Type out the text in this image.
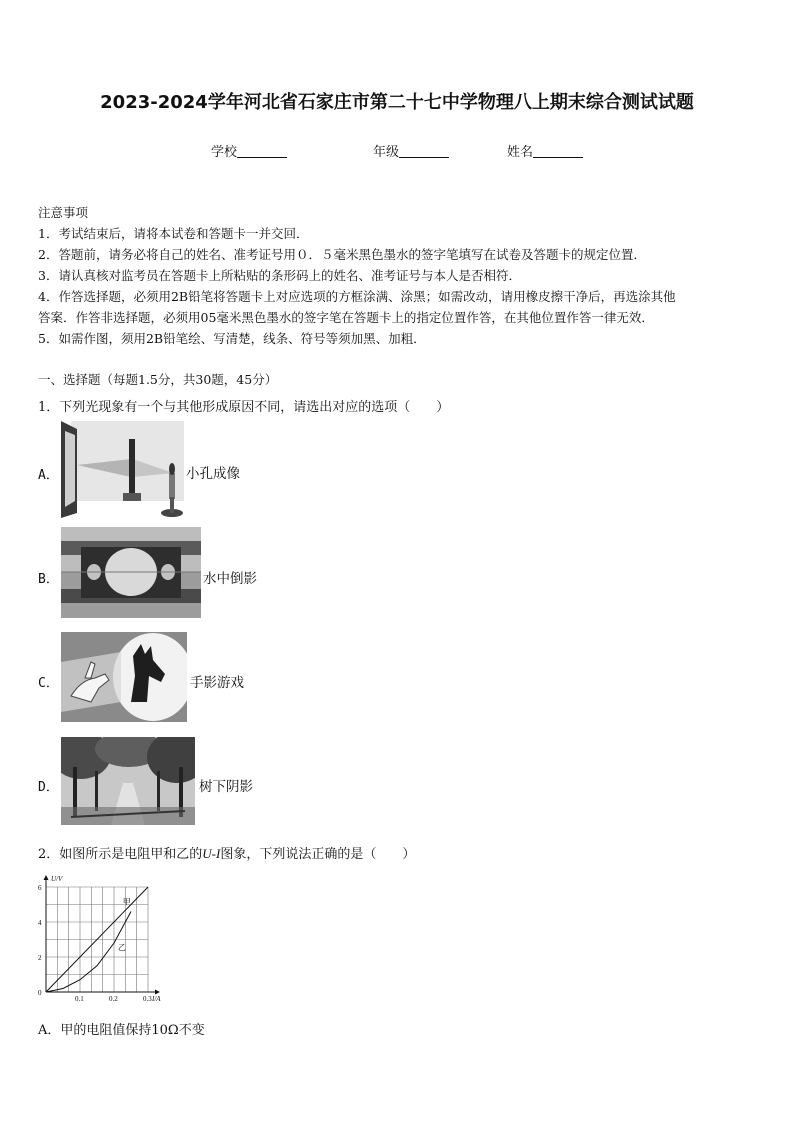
2023-2024学年河北省石家庄市第二十七中学物理八上期末综合测试试题
学校	年级	姓名
注意事项
1．考试结束后，请将本试卷和答题卡一并交回．
2．答题前，请务必将自己的姓名、准考证号用０．５毫米黑色墨水的签字笔填写在试卷及答题卡的规定位置．
3．请认真核对监考员在答题卡上所粘贴的条形码上的姓名、准考证号与本人是否相符．
4．作答选择题，必须用2B铅笔将答题卡上对应选项的方框涂满、涂黑；如需改动，请用橡皮擦干净后，再选涂其他
答案．作答非选择题，必须用05毫米黑色墨水的签字笔在答题卡上的指定位置作答，在其他位置作答一律无效．
5．如需作图，须用2B铅笔绘、写清楚，线条、符号等须加黑、加粗．
一、选择题（每题1.5分，共30题，45分）
1．下列光现象有一个与其他形成原因不同，请选出对应的选项（　　）
A．	小孔成像
B．	水中倒影
C．	手影游戏
D．	树下阴影
2．如图所示是电阻甲和乙的U-I图象，下列说法正确的是（　　）
0
0.1	0.2	0.3
2
4
6
U/V
I/A
甲
乙
A．甲的电阻值保持10Ω不变
